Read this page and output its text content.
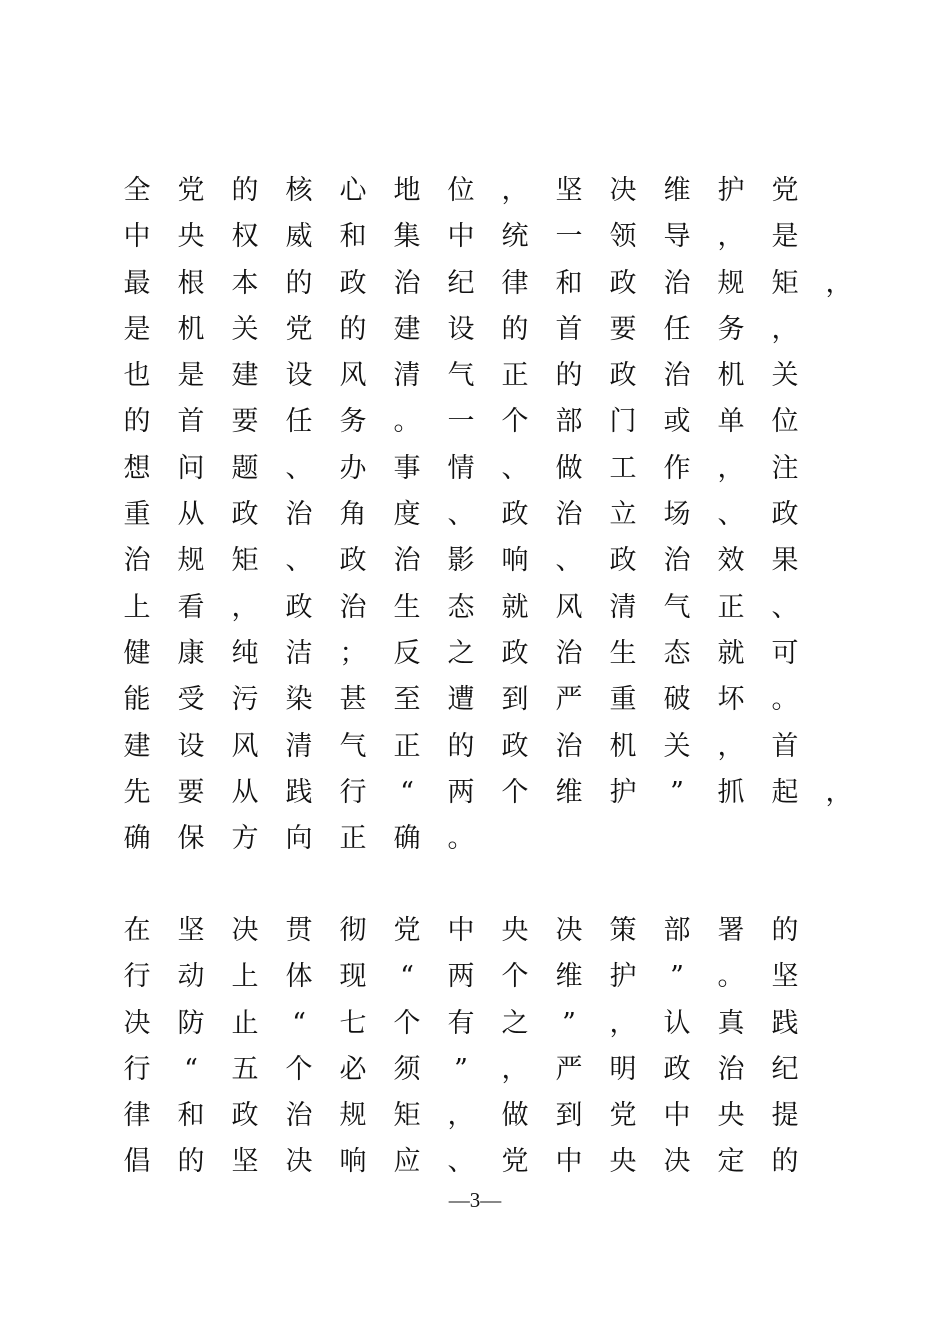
全	党	的	核	心	地	位	，	坚	决	维	护	党
中	央	权	威	和	集	中	统	一	领	导	，	是
最	根	本	的	政	治	纪	律	和	政	治	规	矩	，
是	机	关	党	的	建	设	的	首	要	任	务	，
也	是	建	设	风	清	气	正	的	政	治	机	关
的	首	要	任	务	。	一	个	部	门	或	单	位
想	问	题	、	办	事	情	、	做	工	作	，	注
重	从	政	治	角	度	、	政	治	立	场	、	政
治	规	矩	、	政	治	影	响	、	政	治	效	果
上	看	，	政	治	生	态	就	风	清	气	正	、
健	康	纯	洁	；	反	之	政	治	生	态	就	可
能	受	污	染	甚	至	遭	到	严	重	破	坏	。
建	设	风	清	气	正	的	政	治	机	关	，	首
先	要	从	践	行	“	两	个	维	护	”	抓	起	，
确	保	方	向	正	确	。
在	坚	决	贯	彻	党	中	央	决	策	部	署	的
行	动	上	体	现	“	两	个	维	护	”	。	坚
决	防	止	“	七	个	有	之	”	，	认	真	践
行	“	五	个	必	须	”	，	严	明	政	治	纪
律	和	政	治	规	矩	，	做	到	党	中	央	提
倡	的	坚	决	响	应	、	党	中	央	决	定	的
—3—
